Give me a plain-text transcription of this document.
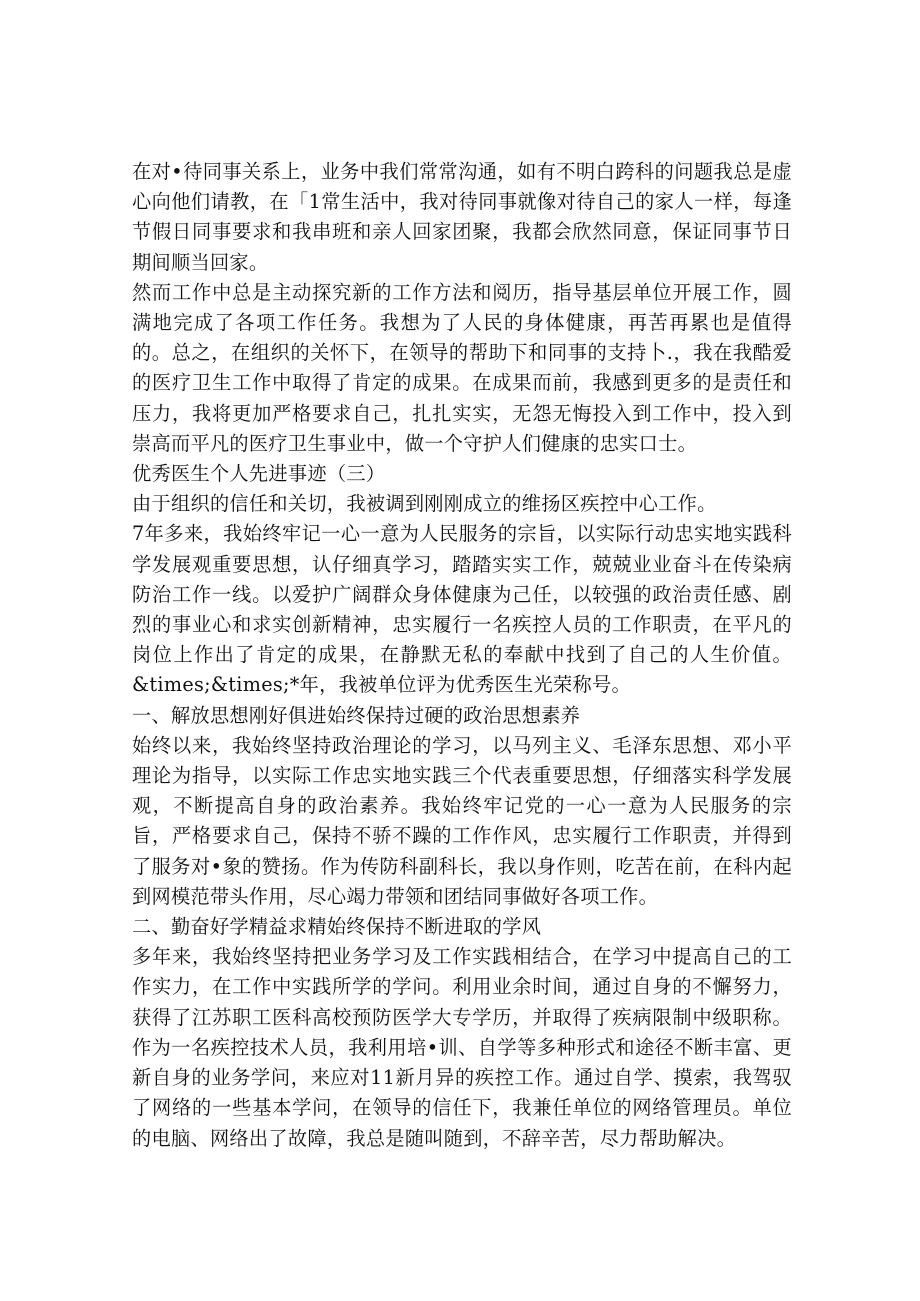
在对•待同事关系上，业务中我们常常沟通，如有不明白跨科的问题我总是虚心向他们请教，在「1常生活中，我对待同事就像对待自己的家人一样，每逢节假日同事要求和我串班和亲人回家团聚，我都会欣然同意，保证同事节日期间顺当回家。

然而工作中总是主动探究新的工作方法和阅历，指导基层单位开展工作，圆满地完成了各项工作任务。我想为了人民的身体健康，再苦再累也是值得的。总之，在组织的关怀下，在领导的帮助下和同事的支持卜.，我在我酷爱的医疗卫生工作中取得了肯定的成果。在成果而前，我感到更多的是责任和压力，我将更加严格要求自己，扎扎实实，无怨无悔投入到工作中，投入到崇高而平凡的医疗卫生事业中，做一个守护人们健康的忠实口士。

优秀医生个人先进事迹（三）

由于组织的信任和关切，我被调到刚刚成立的维扬区疾控中心工作。

7年多来，我始终牢记一心一意为人民服务的宗旨，以实际行动忠实地实践科学发展观重要思想，认仔细真学习，踏踏实实工作，兢兢业业奋斗在传染病防治工作一线。以爱护广阔群众身体健康为己任，以较强的政治责任感、剧烈的事业心和求实创新精神，忠实履行一名疾控人员的工作职责，在平凡的岗位上作出了肯定的成果，在静默无私的奉献中找到了自己的人生价值。&times;&times;*年，我被单位评为优秀医生光荣称号。

一、解放思想刚好俱进始终保持过硬的政治思想素养

始终以来，我始终坚持政治理论的学习，以马列主义、毛泽东思想、邓小平理论为指导，以实际工作忠实地实践三个代表重要思想，仔细落实科学发展观，不断提高自身的政治素养。我始终牢记党的一心一意为人民服务的宗旨，严格要求自己，保持不骄不躁的工作作风，忠实履行工作职责，并得到了服务对•象的赞扬。作为传防科副科长，我以身作则，吃苦在前，在科内起到网模范带头作用，尽心竭力带领和团结同事做好各项工作。

二、勤奋好学精益求精始终保持不断进取的学风

多年来，我始终坚持把业务学习及工作实践相结合，在学习中提高自己的工作实力，在工作中实践所学的学问。利用业余时间，通过自身的不懈努力，获得了江苏职工医科高校预防医学大专学历，并取得了疾病限制中级职称。作为一名疾控技术人员，我利用培•训、自学等多种形式和途径不断丰富、更新自身的业务学问，来应对11新月异的疾控工作。通过自学、摸索，我驾驭了网络的一些基本学问，在领导的信任下，我兼任单位的网络管理员。单位的电脑、网络出了故障，我总是随叫随到，不辞辛苦，尽力帮助解决。
